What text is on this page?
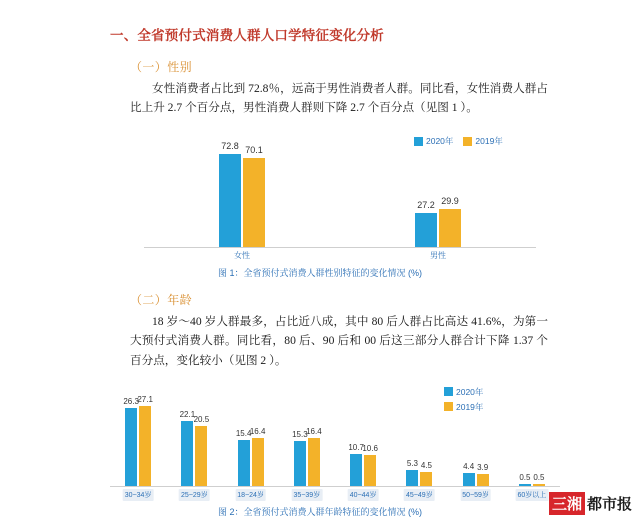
一、全省预付式消费人群人口学特征变化分析
（一）性别

女性消费者占比到 72.8％，远高于男性消费者人群。同比看，女性消费人群占比上升 2.7 个百分点，男性消费人群则下降 2.7 个百分点（见图 1 ）。

2020年	2019年
72.8 70.1
女性
27.2 29.9
男性
图 1：全省预付式消费人群性别特征的变化情况 (%)
（二）年龄

18 岁～40 岁人群最多，占比近八成，其中 80 后人群占比高达 41.6%，为第一大预付式消费人群。同比看，80 后、90 后和 00 后这三部分人群合计下降 1.37 个百分点，变化较小（见图 2 ）。

2020年
2019年
26.3
27.1
30~34岁
22.1
20.5
25~29岁
15.4
16.4
18~24岁
15.3
16.4
35~39岁
10.7
10.6
40~44岁
5.3 4.5
45~49岁
4.4 3.9
50~59岁
0.5 0.5
60岁以上
图 2：全省预付式消费人群年龄特征的变化情况 (%)	三湘 都市报
